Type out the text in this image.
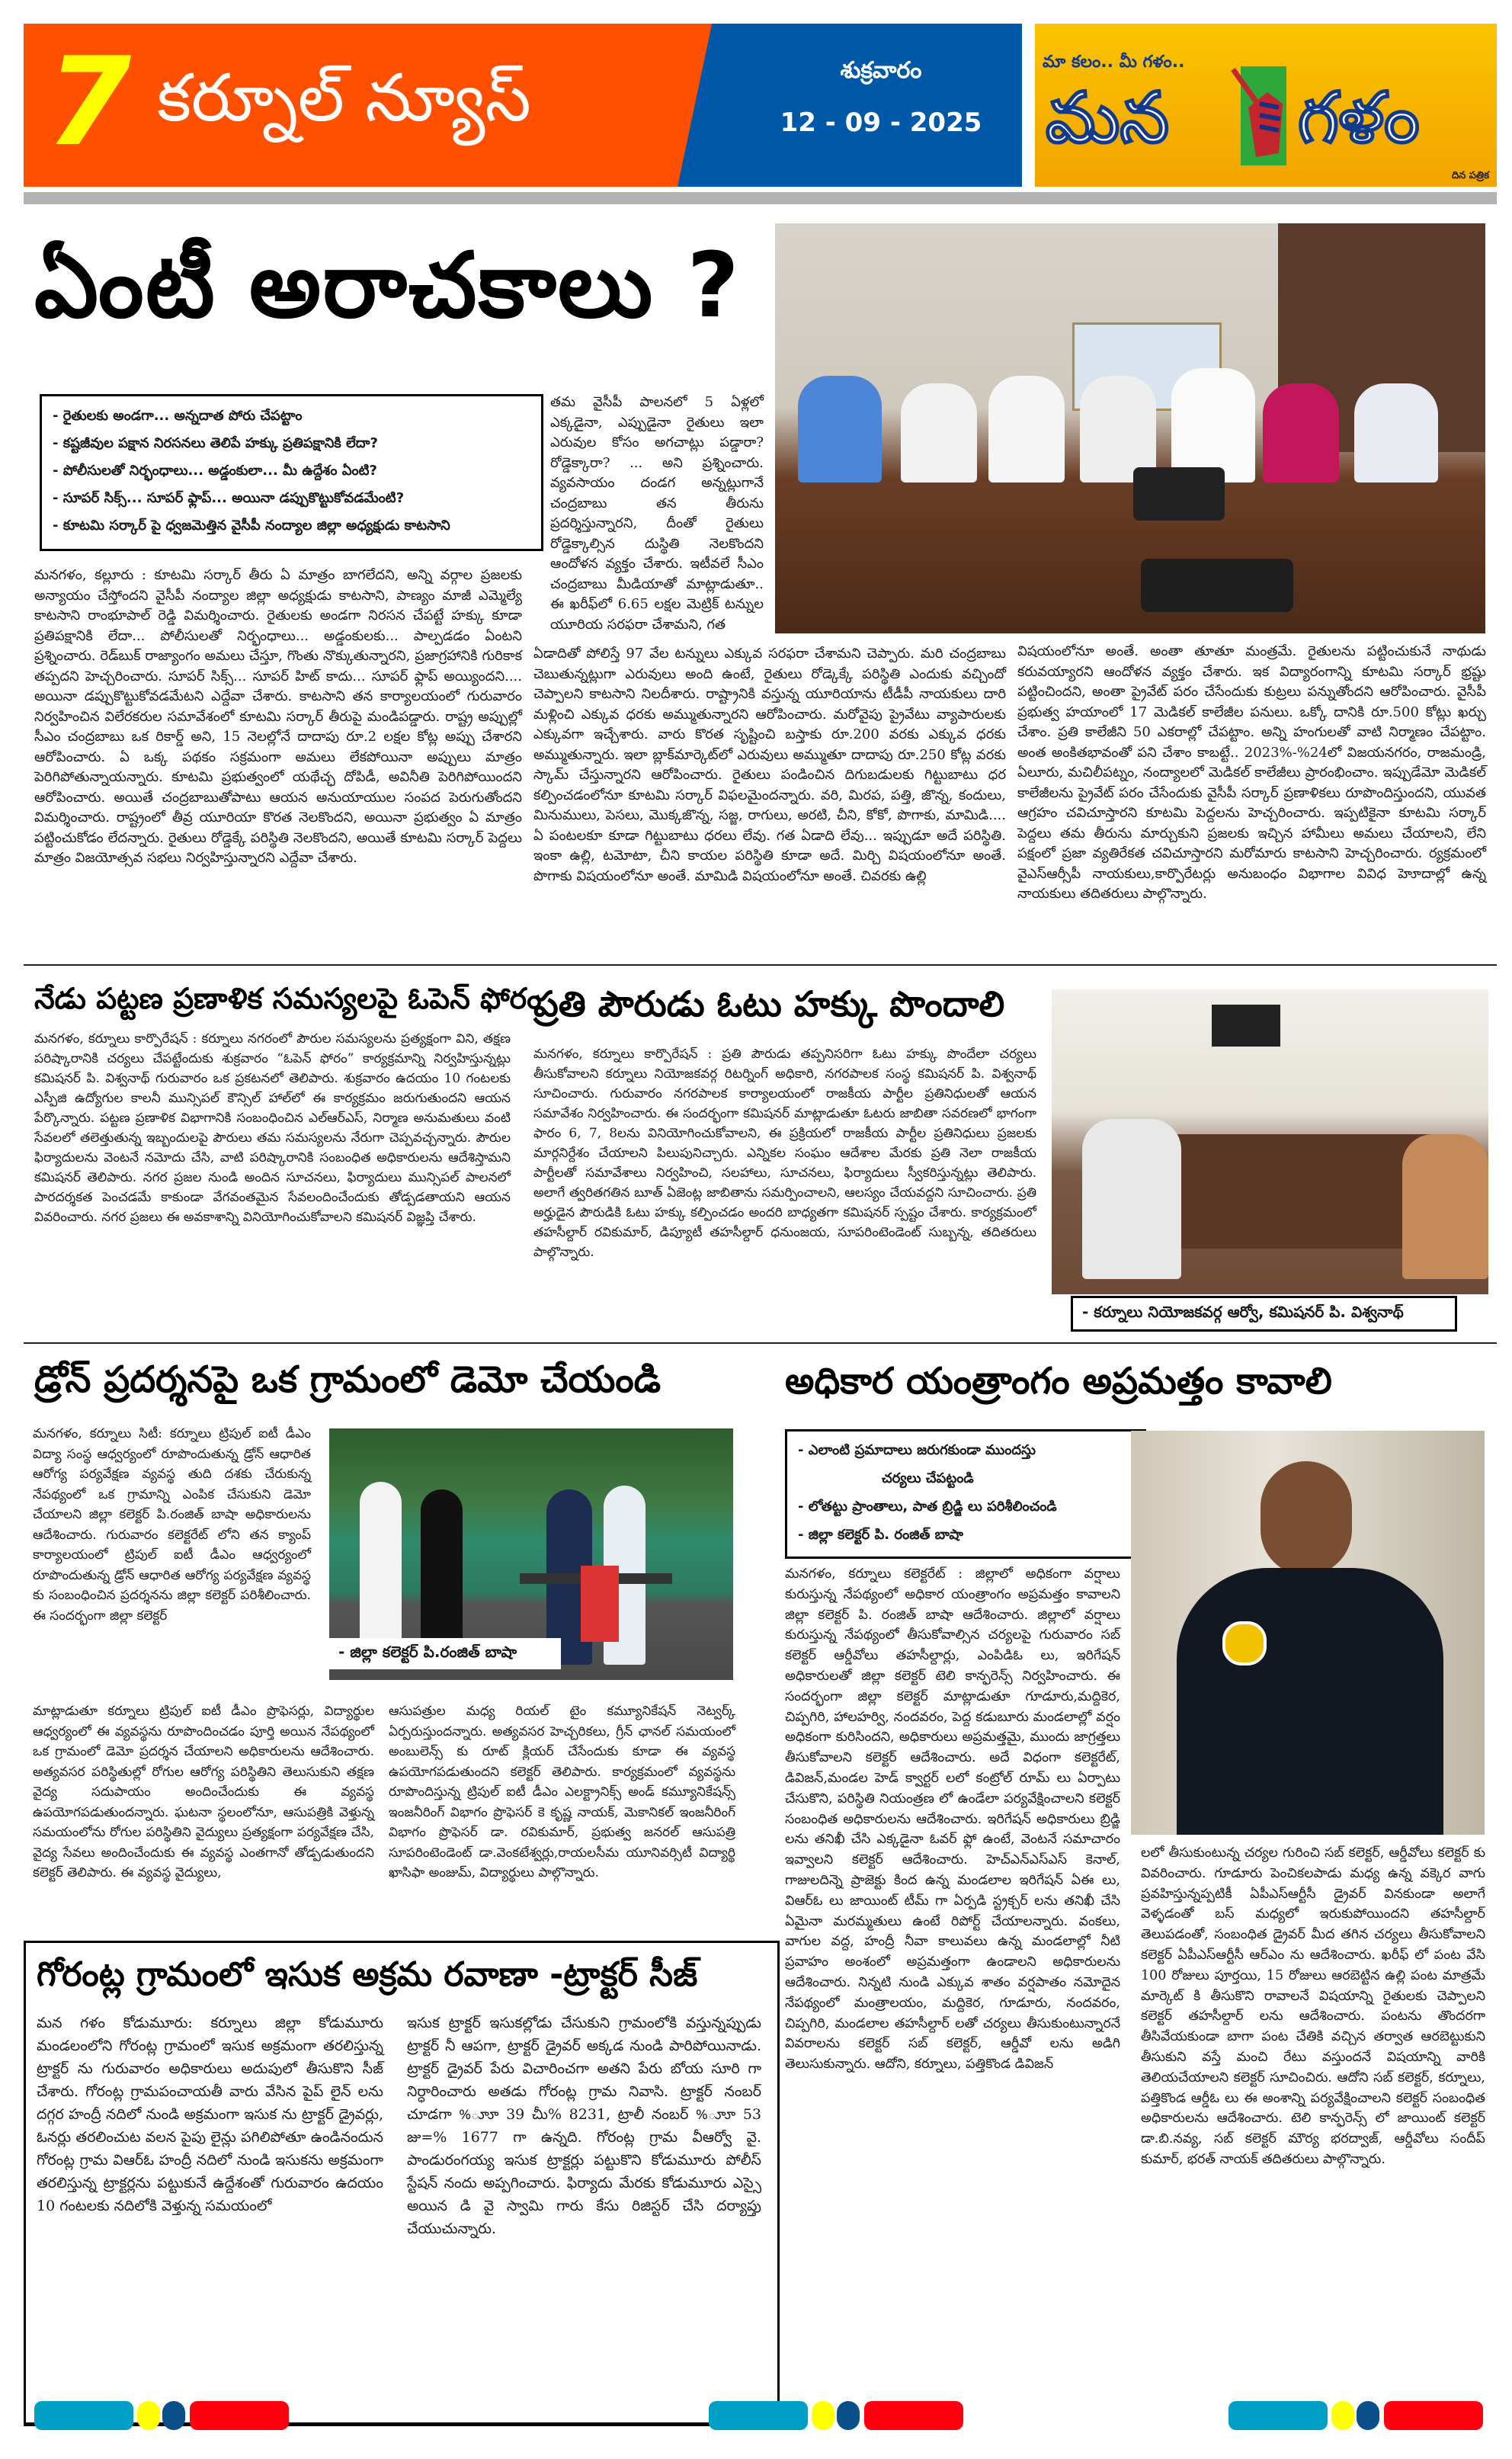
7 కర్నూల్ న్యూస్	శుక్రవారం
12 - 09 - 2025
మా కలం.. మీ గళం..
మన గళం
దిన పత్రిక
ఏంటీ అరాచకాలు ?
- రైతులకు అండగా... అన్నదాత పోరు చేపట్టాం
- కష్టజీవుల పక్షాన నిరసనలు తెలిపే హక్కు ప్రతిపక్షానికి లేదా?
- పోలీసులతో నిర్భంధాలు... అడ్డంకులా... మీ ఉద్దేశం ఏంటి?
- సూపర్ సిక్స్... సూపర్ ఫ్లాప్... అయినా డప్పుకొట్టుకోవడమేంటి?
- కూటమి సర్కార్ పై ధ్వజమెత్తిన వైసీపీ నంద్యాల జిల్లా అధ్యక్షుడు కాటసాని
మనగళం, కల్లూరు : కూటమి సర్కార్ తీరు ఏ మాత్రం బాగలేదని, అన్ని వర్గాల ప్రజలకు అన్యాయం చేస్తోందని వైసీపీ నంద్యాల జిల్లా అధ్యక్షుడు కాటసాని, పాణ్యం మాజీ ఎమ్మెల్యే కాటసాని రాంభూపాల్ రెడ్డి విమర్శించారు. రైతులకు అండగా నిరసన చేపట్టే హక్కు కూడా ప్రతిపక్షానికి లేదా... పోలీసులతో నిర్భంధాలు... అడ్డంకులకు... పాల్పడడం ఏంటని ప్రశ్నించారు. రెడ్‌బుక్ రాజ్యాంగం అమలు చేస్తూ, గొంతు నొక్కుతున్నారని, ప్రజాగ్రహానికి గురికాక తప్పదని హెచ్చరించారు. సూపర్ సిక్స్... సూపర్ హిట్ కాదు... సూపర్ ఫ్లాప్ అయ్యిందని.... అయినా డప్పుకొట్టుకోవడమేటని ఎద్దేవా చేశారు. కాటసాని తన కార్యాలయంలో గురువారం నిర్వహించిన విలేరకరుల సమావేశంలో కూటమి సర్కార్ తీరుపై మండిపడ్డారు. రాష్ట్ర అప్పుల్లో సీఎం చంద్రబాబు ఒక రికార్డ్ అని, 15 నెలల్లోనే దాదాపు రూ.2 లక్షల కోట్ల అప్పు చేశారని ఆరోపించారు. ఏ ఒక్క పథకం సక్రమంగా అమలు లేకపోయినా అప్పులు మాత్రం పెరిగిపోతున్నాయన్నారు. కూటమి ప్రభుత్వంలో యథేచ్ఛ దోపిడీ, అవినీతి పెరిగిపోయిందని ఆరోపించారు. అయితే చంద్రబాబుతోపాటు ఆయన అనుయాయుల సంపద పెరుగుతోందని విమర్శించారు. రాష్ట్రంలో తీవ్ర యూరియా కొరత నెలకొందని, అయినా ప్రభుత్వం ఏ మాత్రం పట్టించుకోడం లేదన్నారు. రైతులు రోడ్డెక్కే పరిస్థితి నెలకొందని, అయితే కూటమి సర్కార్ పెద్దలు మాత్రం విజయోత్సవ సభలు నిర్వహిస్తున్నారని ఎద్దేవా చేశారు.
తమ వైసీపీ పాలనలో 5 ఏళ్లలో ఎక్కడైనా, ఎప్పుడైనా రైతులు ఇలా ఎరువుల కోసం అగచాట్లు పడ్డారా? రోడ్డెక్కారా? ... అని ప్రశ్నించారు. వ్యవసాయం దండగ అన్నట్లుగానే చంద్రబాబు తన తీరును ప్రదర్శిస్తున్నారని, దీంతో రైతులు రోడ్డెక్కాల్సిన దుస్థితి నెలకొందని ఆందోళన వ్యక్తం చేశారు. ఇటీవలే సీఎం చంద్రబాబు మీడియాతో మాట్లాడుతూ.. ఈ ఖరీఫ్‌లో 6.65 లక్షల మెట్రిక్ టన్నుల యూరియ సరఫరా చేశామని, గత
ఏడాదితో పోలిస్తే 97 వేల టన్నులు ఎక్కువ సరఫరా చేశామని చెప్పారు. మరి చంద్రబాబు చెబుతున్నట్లుగా ఎరువులు అంది ఉంటే, రైతులు రోడ్కెక్కే పరిస్థితి ఎందుకు వచ్చిందో చెప్పాలని కాటసాని నిలదీశారు. రాష్ట్రానికి వస్తున్న యూరియాను టీడీపీ నాయకులు దారి మళ్లించి ఎక్కువ ధరకు అమ్ముతున్నారని ఆరోపించారు. మరోవైపు ప్రైవేటు వ్యాపారులకు ఎక్కువగా ఇచ్చేశారు. వారు కొరత సృష్టించి బస్తాకు రూ.200 వరకు ఎక్కువ ధరకు అమ్ముతున్నారు. ఇలా బ్లాక్‌మార్కెట్‌లో ఎరువులు అమ్ముతూ దాదాపు రూ.250 కోట్ల వరకు స్కామ్ చేస్తున్నారని ఆరోపించారు. రైతులు పండించిన దిగుబడులకు గిట్టుబాటు ధర కల్పించడంలోనూ కూటమి సర్కార్ విఫలమైందన్నారు. వరి, మిరప, పత్తి, జొన్న, కందులు, మినుములు, పెసలు, మొక్కజొన్న, సజ్జ, రాగులు, అరటి, చీని, కోకో, పొగాకు, మామిడి.... ఏ పంటలకూ కూడా గిట్టుబాటు ధరలు లేవు. గత ఏడాది లేవు... ఇప్పుడూ అదే పరిస్థితి. ఇంకా ఉల్లి, టమోటా, చీని కాయల పరిస్థితి కూడా అదే. మిర్చి విషయంలోనూ అంతే. పొగాకు విషయంలోనూ అంతే. మామిడి విషయంలోనూ అంతే. చివరకు ఉల్లి
విషయంలోనూ అంతే. అంతా తూతూ మంత్రమే. రైతులను పట్టించుకునే నాథుడు కరువయ్యారని ఆందోళన వ్యక్తం చేశారు. ఇక విద్యారంగాన్ని కూటమి సర్కార్ భ్రష్టు పట్టించిందని, అంతా ప్రైవేట్ పరం చేసేందుకు కుట్రలు పన్నుతోందని ఆరోపించారు. వైసీపీ ప్రభుత్వ హయాంలో 17 మెడికల్ కాలేజీల పనులు. ఒక్కో దానికి రూ.500 కోట్లు ఖర్చు చేశాం. ప్రతి కాలేజీని 50 ఎకరాల్లో చేపట్టాం. అన్ని హంగులతో వాటి నిర్మాణం చేపట్టాం. అంత అంకితభావంతో పని చేశాం కాబట్టే.. 2023%-%24లో విజయనగరం, రాజమండ్రి, ఏలూరు, మచిలీపట్నం, నంద్యాలలో మెడికల్ కాలేజీలు ప్రారంభించాం. ఇప్పుడేమో మెడికల్ కాలేజీలను ప్రైవేట్ పరం చేసేందుకు వైసీపీ సర్కార్ ప్రణాళికలు రూపొందిస్తుందని, యువత ఆగ్రహం చవిచూస్తారని కూటమి పెద్దలను హెచ్చరించారు. ఇప్పటికైనా కూటమి సర్కార్ పెద్దలు తమ తీరును మార్చుకుని ప్రజలకు ఇచ్చిన హామీలు అమలు చేయాలని, లేని పక్షంలో ప్రజా వ్యతిరేకత చవిచూస్తారని మరోమారు కాటసాని హెచ్చరించారు. ర్యక్రమంలో వైఎస్ఆర్సీపీ నాయకులు,కార్పొరేటర్లు అనుబంధం విభాగాల వివిధ హెూదాల్లో ఉన్న నాయకులు తదితరులు పాల్గొన్నారు.
నేడు పట్టణ ప్రణాళిక సమస్యలపై ఓపెన్ ఫోరం
మనగళం, కర్నూలు కార్పొరేషన్ : కర్నూలు నగరంలో పౌరుల సమస్యలను ప్రత్యక్షంగా విని, తక్షణ పరిష్కారానికి చర్యలు చేపట్టేందుకు శుక్రవారం “ఓపెన్ ఫోరం” కార్యక్రమాన్ని నిర్వహిస్తున్నట్లు కమిషనర్ పి. విశ్వనాథ్ గురువారం ఒక ప్రకటనలో తెలిపారు. శుక్రవారం ఉదయం 10 గంటలకు ఎస్పీజి ఉద్యోగుల కాలనీ మున్సిపల్ కౌన్సిల్ హాల్‌లో ఈ కార్యక్రమం జరుగుతుందని ఆయన పేర్కొన్నారు. పట్టణ ప్రణాళిక విభాగానికి సంబంధించిన ఎల్ఆర్ఎస్, నిర్మాణ అనుమతులు వంటి సేవలలో తలెత్తుతున్న ఇబ్బందులపై పౌరులు తమ సమస్యలను నేరుగా చెప్పవచ్చన్నారు. పౌరుల ఫిర్యాదులను వెంటనే నమోదు చేసి, వాటి పరిష్కారానికి సంబంధిత అధికారులను ఆదేశిస్తామని కమిషనర్ తెలిపారు. నగర ప్రజల నుండి అందిన సూచనలు, ఫిర్యాదులు మున్సిపల్ పాలనలో పారదర్శకత పెంచడమే కాకుండా వేగవంతమైన సేవలందించేందుకు తోడ్పడతాయని ఆయన వివరించారు. నగర ప్రజలు ఈ అవకాశాన్ని వినియోగించుకోవాలని కమిషనర్ విజ్ఞప్తి చేశారు.
ప్రతి పౌరుడు ఓటు హక్కు పొందాలి
మనగళం, కర్నూలు కార్పొరేషన్ : ప్రతి పౌరుడు తప్పనిసరిగా ఓటు హక్కు పొందేలా చర్యలు తీసుకోవాలని కర్నూలు నియోజకవర్గ రిటర్నింగ్ అధికారి, నగరపాలక సంస్థ కమిషనర్ పి. విశ్వనాథ్ సూచించారు. గురువారం నగరపాలక కార్యాలయంలో రాజకీయ పార్టీల ప్రతినిధులతో ఆయన సమావేశం నిర్వహించారు. ఈ సందర్భంగా కమిషనర్ మాట్లాడుతూ ఓటరు జాబితా సవరణలో భాగంగా ఫారం 6, 7, 8లను వినియోగించుకోవాలని, ఈ ప్రక్రియలో రాజకీయ పార్టీల ప్రతినిధులు ప్రజలకు మార్గనిర్దేశం చేయాలని పిలుపునిచ్చారు. ఎన్నికల సంఘం ఆదేశాల మేరకు ప్రతి నెలా రాజకీయ పార్టీలతో సమావేశాలు నిర్వహించి, సలహాలు, సూచనలు, ఫిర్యాదులు స్వీకరిస్తున్నట్లు తెలిపారు. అలాగే త్వరితగతిన బూత్ ఏజెంట్ల జాబితాను సమర్పించాలని, ఆలస్యం చేయవద్దని సూచించారు. ప్రతి అర్హుడైన పౌరుడికి ఓటు హక్కు కల్పించడం అందరి బాధ్యతగా కమిషనర్ స్పష్టం చేశారు. కార్యక్రమంలో తహసీల్దార్ రవికుమార్, డిప్యూటీ తహసీల్దార్ ధనుంజయ, సూపరింటెండెంట్ సుబ్బన్న, తదితరులు పాల్గొన్నారు.
- కర్నూలు నియోజకవర్గ ఆర్వో, కమిషనర్ పి. విశ్వనాథ్
డ్రోన్ ప్రదర్శనపై ఒక గ్రామంలో డెమో చేయండి
మనగళం, కర్నూలు సిటీ: కర్నూలు ట్రిపుల్ ఐటీ డీఎం విద్యా సంస్థ ఆధ్వర్యంలో రూపొందుతున్న డ్రోన్ ఆధారిత ఆరోగ్య పర్యవేక్షణ వ్యవస్థ తుది దశకు చేరుకున్న నేపథ్యంలో ఒక గ్రామాన్ని ఎంపిక చేసుకుని డెమో చేయాలని జిల్లా కలెక్టర్ పి.రంజిత్ బాషా అధికారులను ఆదేశించారు. గురువారం కలెక్టరేట్ లోని తన క్యాంప్ కార్యాలయంలో ట్రిపుల్ ఐటీ డీఎం ఆధ్వర్యంలో రూపొందుతున్న డ్రోన్ ఆధారిత ఆరోగ్య పర్యవేక్షణ వ్యవస్థ కు సంబంధించిన ప్రదర్శనను జిల్లా కలెక్టర్ పరిశీలించారు. ఈ సందర్భంగా జిల్లా కలెక్టర్
- జిల్లా కలెక్టర్ పి.రంజిత్ బాషా
మాట్లాడుతూ కర్నూలు ట్రిపుల్ ఐటీ డీఎం ప్రొఫెసర్లు, విద్యార్థుల ఆధ్వర్యంలో ఈ వ్యవస్థను రూపొందించడం పూర్తి అయిన నేపథ్యంలో ఒక గ్రామంలో డెమో ప్రదర్శన చేయాలని అధికారులను ఆదేశించారు. అత్యవసర పరిస్థితుల్లో రోగుల ఆరోగ్య పరిస్థితిని తెలుసుకుని తక్షణ వైద్య సదుపాయం అందించేందుకు ఈ వ్యవస్థ ఉపయోగపడుతుందన్నారు. ఘటనా స్థలంలోనూ, ఆసుపత్రికి వెళ్తున్న సమయంలోను రోగుల పరిస్థితిని వైద్యులు ప్రత్యక్షంగా పర్యవేక్షణ చేసి, వైద్య సేవలు అందించేందుకు ఈ వ్యవస్థ ఎంతగానో తోడ్పడుతుందని కలెక్టర్ తెలిపారు. ఈ వ్యవస్థ వైద్యులు,
ఆసుపత్రుల మధ్య రియల్ టైం కమ్యూనికేషన్ నెట్వర్క్ ఏర్పరుస్తుందన్నారు. అత్యవసర హెచ్చరికలు, గ్రీన్ ఛానల్ సమయంలో అంబులెన్స్ కు రూట్ క్లియర్ చేసేందుకు కూడా ఈ వ్యవస్థ ఉపయోగపడుతుందని కలెక్టర్ తెలిపారు. కార్యక్రమంలో వ్యవస్థను రూపొందిస్తున్న ట్రిపుల్ ఐటీ డీఎం ఎలక్ట్రానిక్స్ అండ్ కమ్యూనికేషన్స్ ఇంజనీరింగ్ విభాగం ప్రొఫెసర్ కె కృష్ణ నాయక్, మెకానికల్ ఇంజనీరింగ్ విభాగం ప్రొఫెసర్ డా. రవికుమార్, ప్రభుత్వ జనరల్ ఆసుపత్రి సూపరింటెండెంట్ డా.వెంకటేశ్వర్లు,రాయలసీమ యూనివర్సిటీ విద్యార్థి ఖాసిఫా అంజుమ్, విద్యార్థులు పాల్గొన్నారు.
అధికార యంత్రాంగం అప్రమత్తం కావాలి
- ఎలాంటి ప్రమాదాలు జరుగకుండా ముందస్తు
చర్యలు చేపట్టండి
- లోతట్టు ప్రాంతాలు, పాత బ్రిడ్జి లు పరిశీలించండి
- జిల్లా కలెక్టర్ పి. రంజిత్ బాషా
మనగళం, కర్నూలు కలెక్టరేట్ : జిల్లాలో అధికంగా వర్షాలు కురుస్తున్న నేపథ్యంలో అధికార యంత్రాంగం అప్రమత్తం కావాలని జిల్లా కలెక్టర్ పి. రంజిత్ బాషా ఆదేశించారు. జిల్లాలో వర్షాలు కురుస్తున్న నేపథ్యంలో తీసుకోవాల్సిన చర్యలపై గురువారం సబ్ కలెక్టర్ ఆర్డీవోలు తహసీల్దార్లు, ఎంపిడిఓ లు, ఇరిగేషన్ అధికారులతో జిల్లా కలెక్టర్ టెలి కాన్ఫరెన్స్ నిర్వహించారు. ఈ సందర్భంగా జిల్లా కలెక్టర్ మాట్లాడుతూ గూడూరు,మద్దికెర, చిప్పగిరి, హాలహర్వి, నందవరం, పెద్ద కడుబూరు మండలాల్లో వర్షం అధికంగా కురిసిందని, అధికారులు అప్రమత్తమై, ముందు జాగ్రత్తలు తీసుకోవాలని కలెక్టర్ ఆదేశించారు. అదే విధంగా కలెక్టరేట్, డివిజన్,మండల హెడ్ క్వార్టర్ లలో కంట్రోల్ రూమ్ లు ఏర్పాటు చేసుకొని, పరిస్థితి నియంత్రణ లో ఉండేలా పర్యవేక్షించాలని కలెక్టర్ సంబంధిత అధికారులను ఆదేశించారు. ఇరిగేషన్ అధికారులు బ్రిడ్జి లను తనిఖీ చేసి ఎక్కడైనా ఓవర్ ఫ్లో ఉంటే, వెంటనే సమాచారం ఇవ్వాలని కలెక్టర్ ఆదేశించారు. హెచ్ఎన్ఎస్ఎస్ కెనాల్, గాజులదిన్నె ప్రాజెక్టు కింద ఉన్న మండలాల ఇరిగేషన్ ఏఈ లు, విఆర్ఓ లు జాయింట్ టీమ్ గా ఏర్పడి స్ట్రక్చర్ లను తనిఖీ చేసి ఏమైనా మరమ్మతులు ఉంటే రిపోర్ట్ చేయాలన్నారు. వంకలు, వాగుల వద్ద, హంద్రీ నీవా కాలువలు ఉన్న మండలాల్లో నీటి ప్రవాహం అంశంలో అప్రమత్తంగా ఉండాలని అధికారులను ఆదేశించారు. నిన్నటి నుండి ఎక్కువ శాతం వర్షపాతం నమోదైన నేపథ్యంలో మంత్రాలయం, మద్దికెర, గూడూరు, నందవరం, చిప్పగిరి, మండలాల తహసీల్దార్ లతో చర్యలు తీసుకుంటున్నారనే వివరాలను కలెక్టర్ సబ్ కలెక్టర్, ఆర్డీవో లను అడిగి తెలుసుకున్నారు. ఆదోని, కర్నూలు, పత్తికొండ డివిజన్
లలో తీసుకుంటున్న చర్యల గురించి సబ్ కలెక్టర్, ఆర్డీవోలు కలెక్టర్ కు వివరించారు. గూడూరు పెంచికలపాడు మధ్య ఉన్న వక్కెర వాగు ప్రవహిస్తున్నప్పటికీ ఏపీఎస్ఆర్టీసీ డ్రైవర్ వినకుండా అలాగే వెళ్ళడంతో బస్ మధ్యలో ఇరుకుపోయిందని తహసీల్దార్ తెలుపడంతో, సంబంధిత డ్రైవర్ మీద తగిన చర్యలు తీసుకోవాలని కలెక్టర్ ఏపీఎస్ఆర్టీసీ ఆర్ఎం ను ఆదేశించారు. ఖరీఫ్ లో పంట వేసి 100 రోజులు పూర్తయి, 15 రోజులు ఆరబెట్టిన ఉల్లి పంట మాత్రమే మార్కెట్ కి తీసుకొని రావాలనే విషయాన్ని రైతులకు చెప్పాలని కలెక్టర్ తహసీల్దార్ లను ఆదేశించారు. పంటను తొందరగా తీసివేయకుండా బాగా పంట చేతికి వచ్చిన తర్వాత ఆరబెట్టుకుని తీసుకుని వస్తే మంచి రేటు వస్తుందనే విషయాన్ని వారికి తెలియచేయాలని కలెక్టర్ సూచించిరు. ఆదోని సబ్ కలెక్టర్, కర్నూలు, పత్తికొండ ఆర్డీఓ లు ఈ అంశాన్ని పర్యవేక్షించాలని కలెక్టర్ సంబంధిత అధికారులను ఆదేశించారు. టెలి కాన్ఫరెన్స్ లో జాయింట్ కలెక్టర్ డా.బి.నవ్య, సబ్ కలెక్టర్ మౌర్య భరద్వాజ్, ఆర్డీవోలు సందీప్ కుమార్, భరత్ నాయక్ తదితరులు పాల్గొన్నారు.
గోరంట్ల గ్రామంలో ఇసుక అక్రమ రవాణా -ట్రాక్టర్ సీజ్
మన గళం కోడుమూరు: కర్నూలు జిల్లా కోడుమూరు మండలంలోని గోరంట్ల గ్రామంలో ఇసుక అక్రమంగా తరలిస్తున్న ట్రాక్టర్ ను గురువారం అధికారులు అదుపులో తీసుకొని సీజ్ చేశారు. గోరంట్ల గ్రామపంచాయతీ వారు వేసిన పైప్ లైన్ లను దగ్గర హంద్రీ నదిలో నుండి అక్రమంగా ఇసుక ను ట్రాక్టర్ డ్రైవర్లు, ఓనర్లు తరలించుట వలన పైపు లైన్లు పగిలిపోతూ ఉండినందున గోరంట్ల గ్రామ విఆర్ఓ హంద్రీ నదిలో నుండి ఇసుకను అక్రమంగా తరలిస్తున్న ట్రాక్టర్లను పట్టుకునే ఉద్దేశంతో గురువారం ఉదయం 10 గంటలకు నదిలోకి వెళ్తున్న సమయంలో
ఇసుక ట్రాక్టర్ ఇసుకల్లోడు చేసుకుని గ్రామంలోకి వస్తున్నప్పుడు ట్రాక్టర్ నీ ఆపగా, ట్రాక్టర్ డ్రైవర్ అక్కడ నుండి పారిపోయినాడు. ట్రాక్టర్ డ్రైవర్ పేరు విచారించగా అతని పేరు బోయ సూరి గా నిర్ధారించారు అతడు గోరంట్ల గ్రామ నివాసి. ట్రాక్టర్ నంబర్ చూడగా %ూూ 39 చీు% 8231, ట్రాలీ నంబర్ %ూూ 53 జు=% 1677 గా ఉన్నది. గోరంట్ల గ్రామ వీఆర్వో వై. పాండురంగయ్య ఇసుక ట్రాక్టర్లు పట్టుకొని కోడుమూరు పోలీస్ స్టేషన్ నందు అప్పగించారు. ఫిర్యాదు మేరకు కోడుమూరు ఎస్సై అయిన డి వై స్వామి గారు కేసు రిజిస్టర్ చేసి దర్యాప్తు చేయుచున్నారు.
